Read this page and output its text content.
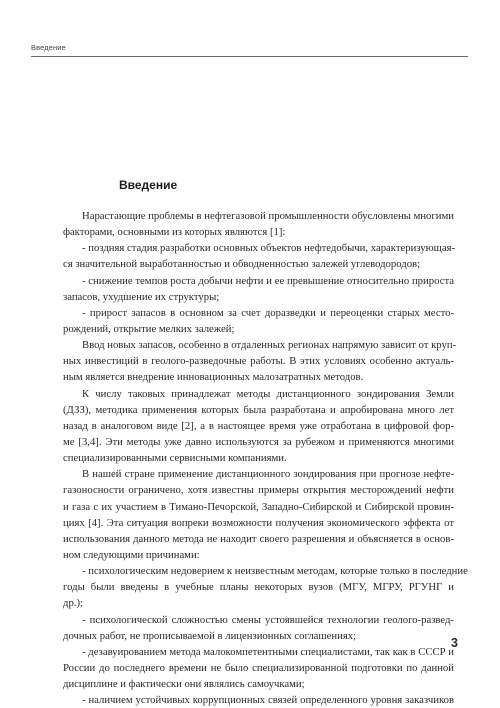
Введение
Введение
Нарастающие проблемы в нефтегазовой промышленности обусловлены многими
факторами, основными из которых являются [1]:
- поздняя стадия разработки основных объектов нефтедобычи, характеризующая-
ся значительной выработанностью и обводненностью залежей углеводородов;
- снижение темпов роста добычи нефти и ее превышение относительно прироста
запасов, ухудшение их структуры;
- прирост запасов в основном за счет доразведки и переоценки старых место-
рождений, открытие мелких залежей;
Ввод новых запасов, особенно в отдаленных регионах напрямую зависит от круп-
ных инвестиций в геолого-разведочные работы. В этих условиях особенно актуаль-
ным является внедрение инновационных малозатратных методов.
К числу таковых принадлежат методы дистанционного зондирования Земли
(ДЗЗ), методика применения которых была разработана и апробирована много лет
назад в аналоговом виде [2], а в настоящее время уже отработана в цифровой фор-
ме [3,4]. Эти методы уже давно используются за рубежом и применяются многими
специализированными сервисными компаниями.
В нашей стране применение дистанционного зондирования при прогнозе нефте-
газоносности ограничено, хотя известны примеры открытия месторождений нефти
и газа с их участием в Тимано-Печорской, Западно-Сибирской и Сибирской провин-
циях [4]. Эта ситуация вопреки возможности получения экономического эффекта от
использования данного метода не находит своего разрешения и объясняется в основ-
ном следующими причинами:
- психологическим недоверием к неизвестным методам, которые только в последние
годы были введены в учебные планы некоторых вузов (МГУ, МГРУ, РГУНГ и
др.);
- психологической сложностью смены устоявшейся технологии геолого-развед-
дочных работ, не прописываемой в лицензионных соглашениях;
- дезавуированием метода малокомпетентными специалистами, так как в СССР и
России до последнего времени не было специализированной подготовки по данной
дисциплине и фактически они являлись самоучками;
- наличием устойчивых коррупционных связей определенного уровня заказчиков
3
